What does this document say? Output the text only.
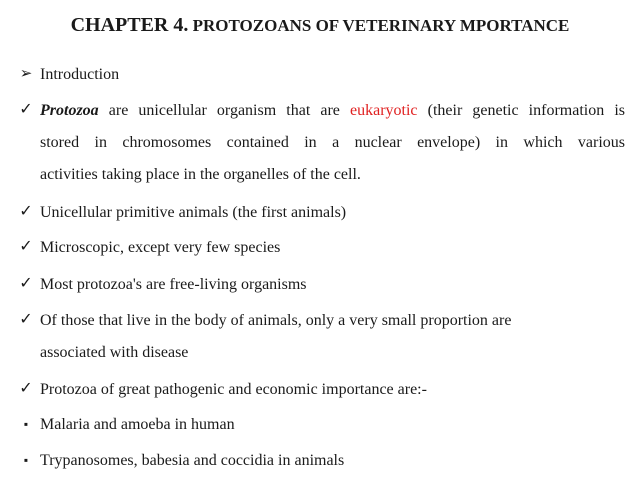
CHAPTER 4. PROTOZOANS OF VETERINARY MPORTANCE
➢ Introduction
✓ Protozoa are unicellular organism that are eukaryotic (their genetic information is
stored in chromosomes contained in a nuclear envelope) in which various
activities taking place in the organelles of the cell.
✓ Unicellular primitive animals (the first animals)
✓ Microscopic, except very few species
✓ Most protozoa's are free-living organisms
✓ Of those that live in the body of animals, only a very small proportion are
associated with disease
✓ Protozoa of great pathogenic and economic importance are:-
▪ Malaria and amoeba in human
▪ Trypanosomes, babesia and coccidia in animals
